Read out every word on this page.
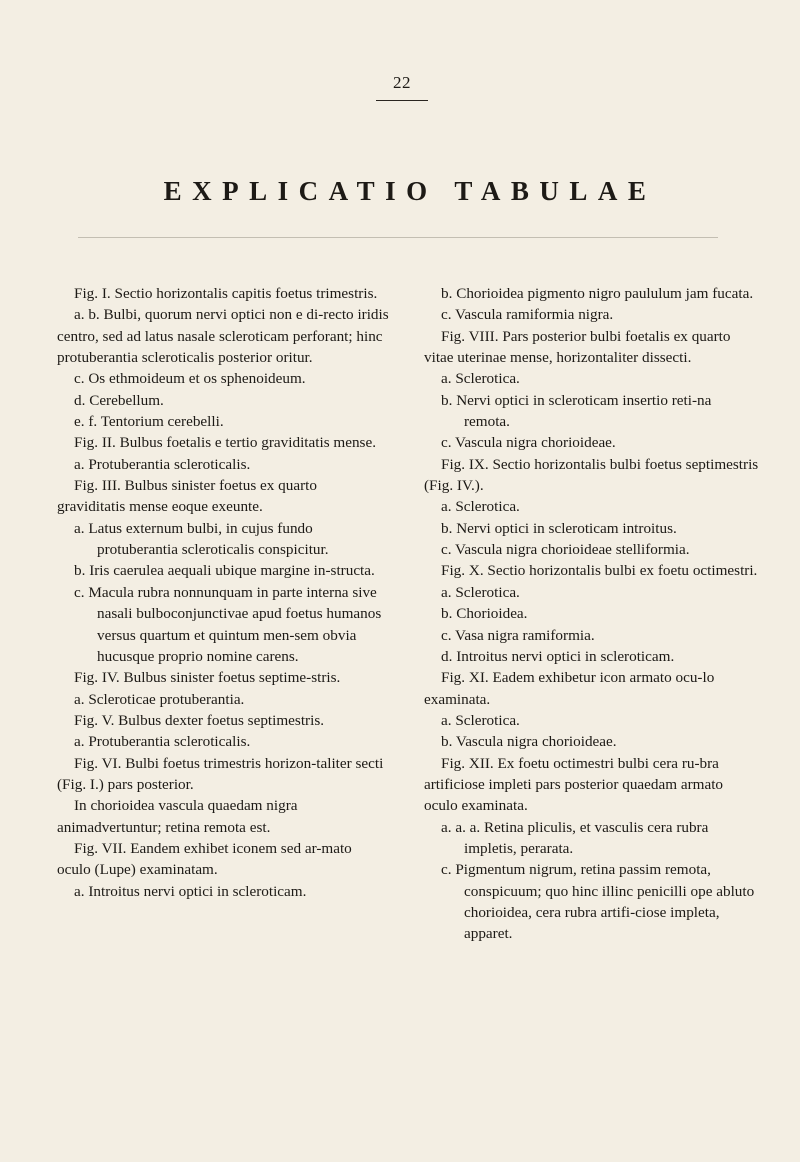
22
EXPLICATIO TABULAE

Fig. I. Sectio horizontalis capitis foetus trimestris.

a. b. Bulbi, quorum nervi optici non e di-recto iridis centro, sed ad latus nasale scleroticam perforant; hinc protuberantia scleroticalis posterior oritur.

c. Os ethmoideum et os sphenoideum.

d. Cerebellum.

e. f. Tentorium cerebelli.

Fig. II. Bulbus foetalis e tertio graviditatis mense.

a. Protuberantia scleroticalis.

Fig. III. Bulbus sinister foetus ex quarto graviditatis mense eoque exeunte.

a. Latus externum bulbi, in cujus fundo protuberantia scleroticalis conspicitur.

b. Iris caerulea aequali ubique margine in-structa.

c. Macula rubra nonnunquam in parte interna sive nasali bulboconjunctivae apud foetus humanos versus quartum et quintum men-sem obvia hucusque proprio nomine carens.

Fig. IV. Bulbus sinister foetus septime-stris.

a. Scleroticae protuberantia.

Fig. V. Bulbus dexter foetus septimestris.

a. Protuberantia scleroticalis.

Fig. VI. Bulbi foetus trimestris horizon-taliter secti (Fig. I.) pars posterior.

In chorioidea vascula quaedam nigra animadvertuntur; retina remota est.

Fig. VII. Eandem exhibet iconem sed ar-mato oculo (Lupe) examinatam.

a. Introitus nervi optici in scleroticam.

b. Chorioidea pigmento nigro paululum jam fucata.

c. Vascula ramiformia nigra.

Fig. VIII. Pars posterior bulbi foetalis ex quarto vitae uterinae mense, horizontaliter dissecti.

a. Sclerotica.

b. Nervi optici in scleroticam insertio reti-na remota.

c. Vascula nigra chorioideae.

Fig. IX. Sectio horizontalis bulbi foetus septimestris (Fig. IV.).

a. Sclerotica.

b. Nervi optici in scleroticam introitus.

c. Vascula nigra chorioideae stelliformia.

Fig. X. Sectio horizontalis bulbi ex foetu octimestri.

a. Sclerotica.

b. Chorioidea.

c. Vasa nigra ramiformia.

d. Introitus nervi optici in scleroticam.

Fig. XI. Eadem exhibetur icon armato ocu-lo examinata.

a. Sclerotica.

b. Vascula nigra chorioideae.

Fig. XII. Ex foetu octimestri bulbi cera ru-bra artificiose impleti pars posterior quaedam armato oculo examinata.

a. a. a. Retina pliculis, et vasculis cera rubra impletis, perarata.

c. Pigmentum nigrum, retina passim remota, conspicuum; quo hinc illinc penicilli ope abluto chorioidea, cera rubra artifi-ciose impleta, apparet.
